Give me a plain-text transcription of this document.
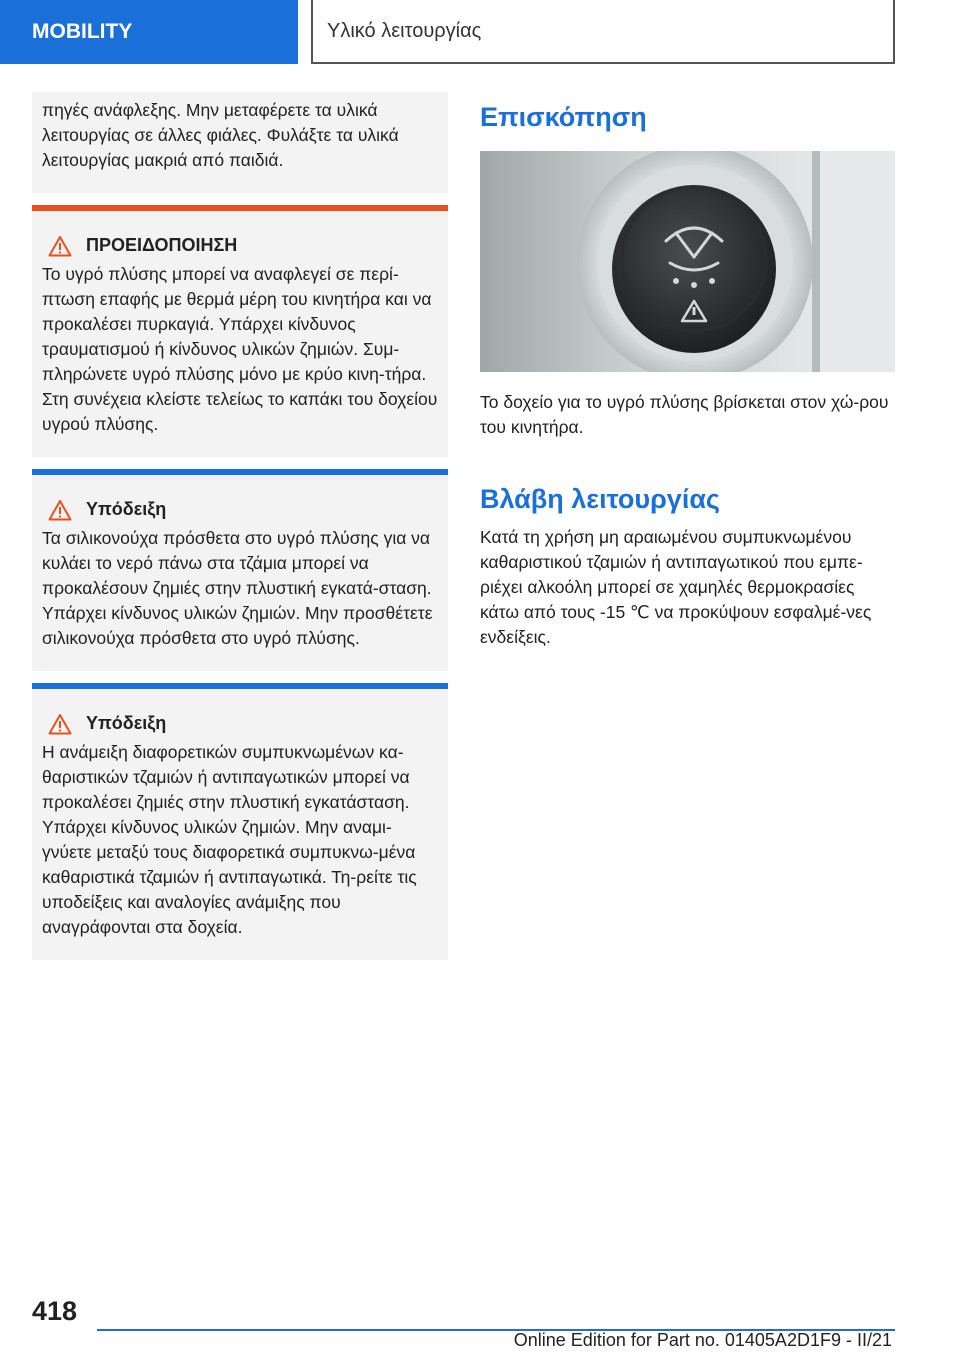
MOBILITY	Υλικό λειτουργίας

πηγές ανάφλεξης. Μην μεταφέρετε τα υλικά λειτουργίας σε άλλες φιάλες. Φυλάξτε τα υλικά λειτουργίας μακριά από παιδιά.

ΠΡΟΕΙΔΟΠΟΙΗΣΗ

Το υγρό πλύσης μπορεί να αναφλεγεί σε περί-πτωση επαφής με θερμά μέρη του κινητήρα και να προκαλέσει πυρκαγιά. Υπάρχει κίνδυνος τραυματισμού ή κίνδυνος υλικών ζημιών. Συμ-πληρώνετε υγρό πλύσης μόνο με κρύο κινη-τήρα. Στη συνέχεια κλείστε τελείως το καπάκι του δοχείου υγρού πλύσης.

Υπόδειξη

Τα σιλικονούχα πρόσθετα στο υγρό πλύσης για να κυλάει το νερό πάνω στα τζάμια μπορεί να προκαλέσουν ζημιές στην πλυστική εγκατά-σταση. Υπάρχει κίνδυνος υλικών ζημιών. Μην προσθέτετε σιλικονούχα πρόσθετα στο υγρό πλύσης.

Υπόδειξη

Η ανάμειξη διαφορετικών συμπυκνωμένων κα-θαριστικών τζαμιών ή αντιπαγωτικών μπορεί να προκαλέσει ζημιές στην πλυστική εγκατάσταση. Υπάρχει κίνδυνος υλικών ζημιών. Μην αναμι-γνύετε μεταξύ τους διαφορετικά συμπυκνω-μένα καθαριστικά τζαμιών ή αντιπαγωτικά. Τη-ρείτε τις υποδείξεις και αναλογίες ανάμιξης που αναγράφονται στα δοχεία.

Επισκόπηση
Το δοχείο για το υγρό πλύσης βρίσκεται στον χώ-ρου του κινητήρα.
Βλάβη λειτουργίας
Κατά τη χρήση μη αραιωμένου συμπυκνωμένου καθαριστικού τζαμιών ή αντιπαγωτικού που εμπε-ριέχει αλκοόλη μπορεί σε χαμηλές θερμοκρασίες κάτω από τους -15 ℃ να προκύψουν εσφαλμέ-νες ενδείξεις.
418
Online Edition for Part no. 01405A2D1F9 - II/21
